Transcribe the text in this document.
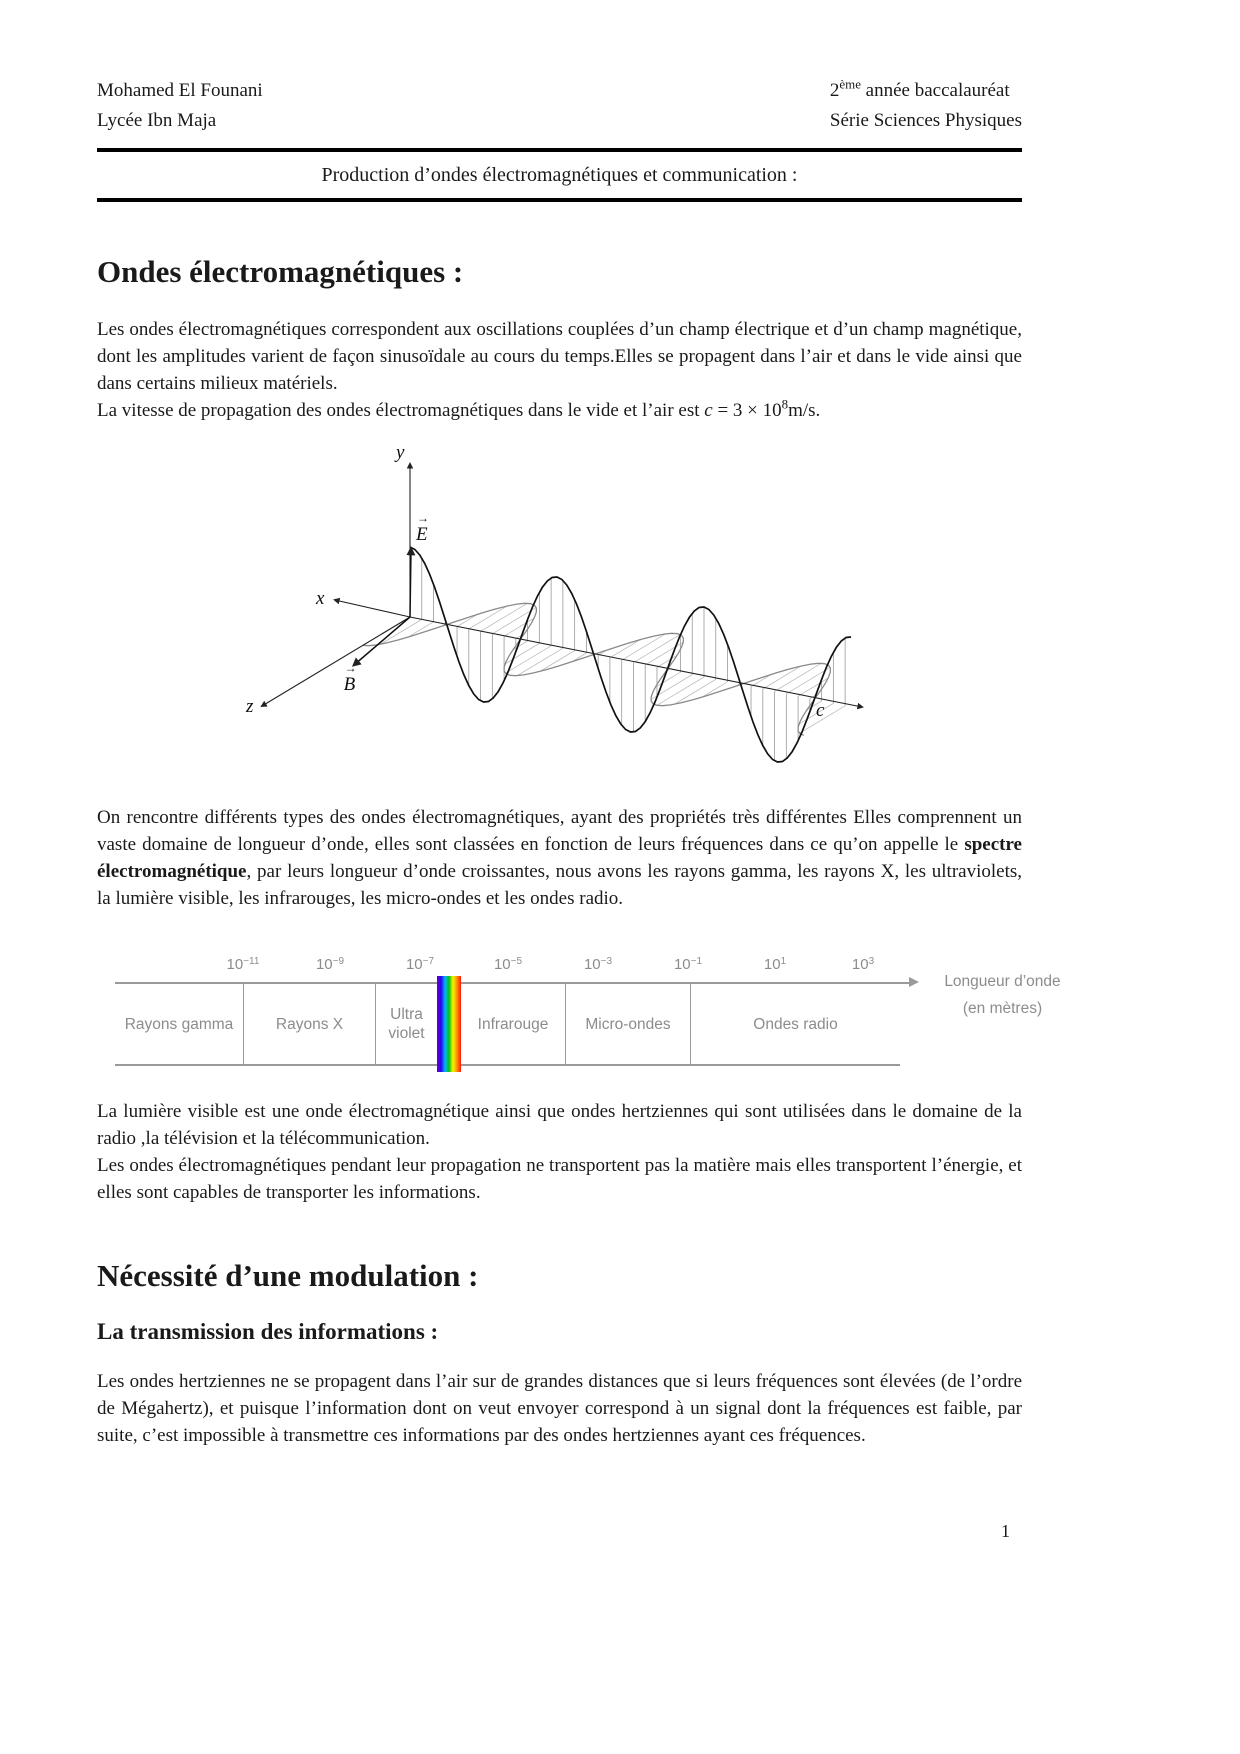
Mohamed El Founani
Lycée Ibn Maja
2ème année baccalauréat
Série Sciences Physiques
Production d’ondes électromagnétiques et communication :
Ondes électromagnétiques :

Les ondes électromagnétiques correspondent aux oscillations couplées d’un champ électrique et d’un champ magnétique, dont les amplitudes varient de façon sinusoïdale au cours du temps.Elles se propagent dans l’air et dans le vide ainsi que dans certains milieux matériels.

La vitesse de propagation des ondes électromagnétiques dans le vide et l’air est $c = 3 \times 10^8m/s$.

y
x
z	c
→
E
→
B

On rencontre différents types des ondes électromagnétiques, ayant des propriétés très différentes Elles comprennent un vaste domaine de longueur d’onde, elles sont classées en fonction de leurs fréquences dans ce qu’on appelle le spectre électromagnétique, par leurs longueur d’onde croissantes, nous avons les rayons gamma, les rayons X, les ultraviolets, la lumière visible, les infrarouges, les micro-ondes et les ondes radio.

$10^{-11}$	$10^{-9}$	$10^{-7}$	$10^{-5}$	$10^{-3}$	$10^{-1}$	$10^1$	$10^3$
Rayons gamma	Rayons X
Ultra violet
Infrarouge	Micro-ondes	Ondes radio
Longueur d’onde
(en mètres)

La lumière visible est une onde électromagnétique ainsi que ondes hertziennes qui sont utilisées dans le domaine de la radio ,la télévision et la télécommunication.

Les ondes électromagnétiques pendant leur propagation ne transportent pas la matière mais elles transportent l’énergie, et elles sont capables de transporter les informations.

Nécessité d’une modulation :
La transmission des informations :

Les ondes hertziennes ne se propagent dans l’air sur de grandes distances que si leurs fréquences sont élevées (de l’ordre de Mégahertz), et puisque l’information dont on veut envoyer correspond à un signal dont la fréquences est faible, par suite, c’est impossible à transmettre ces informations par des ondes hertziennes ayant ces fréquences.

1
